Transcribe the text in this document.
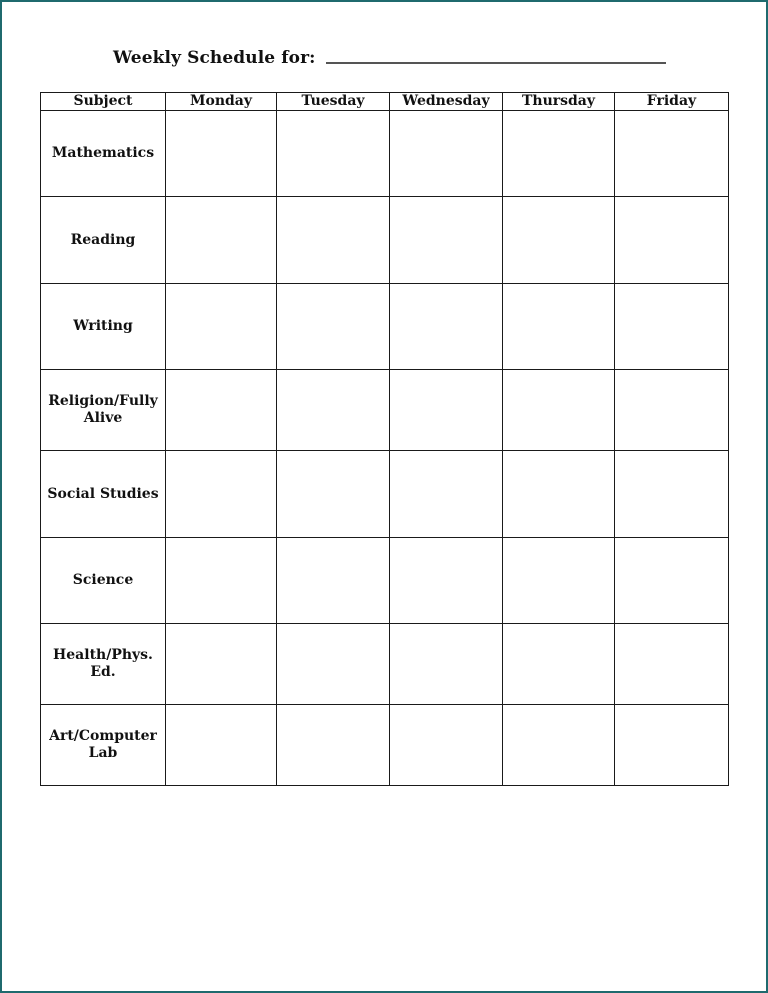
Weekly Schedule for:
Subject	Monday	Tuesday	Wednesday	Thursday	Friday
Mathematics					
Reading					
Writing					
Religion/Fully Alive					
Social Studies					
Science					
Health/Phys. Ed.					
Art/Computer Lab					
